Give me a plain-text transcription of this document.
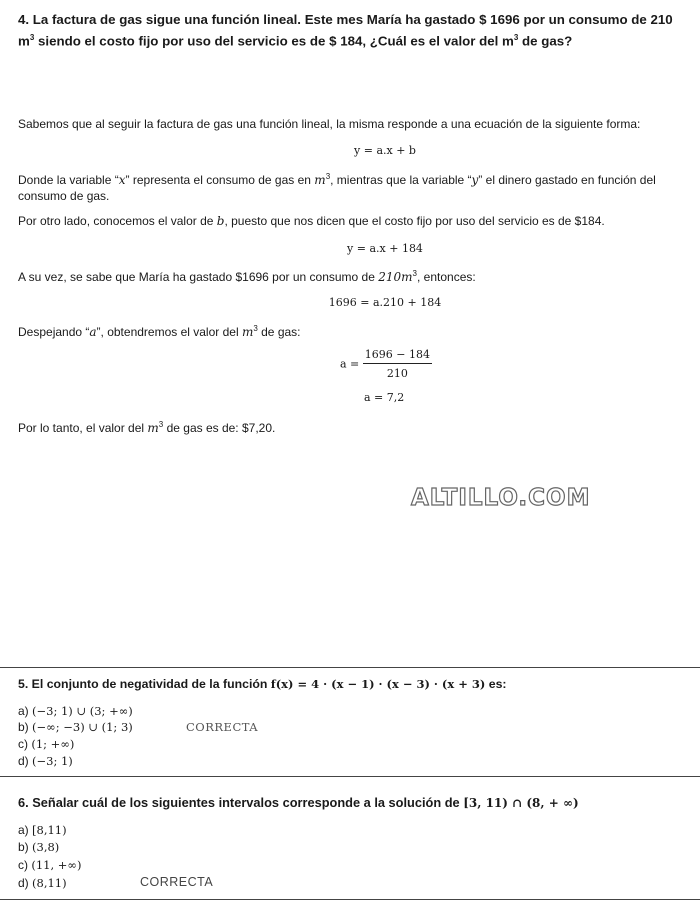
4. La factura de gas sigue una función lineal. Este mes María ha gastado $ 1696 por un consumo de 210 $m^3$ siendo el costo fijo por uso del servicio es de $ 184, ¿Cuál es el valor del $m^3$ de gas?
Sabemos que al seguir la factura de gas una función lineal, la misma responde a una ecuación de la siguiente forma:
y = a.x + b
Donde la variable “x” representa el consumo de gas en $m^3$, mientras que la variable “y” el dinero gastado en función del consumo de gas.
Por otro lado, conocemos el valor de b, puesto que nos dicen que el costo fijo por uso del servicio es de $184.
y = a.x + 184
A su vez, se sabe que María ha gastado $1696 por un consumo de $210m^3$, entonces:
1696 = a.210 + 184
Despejando “a”, obtendremos el valor del $m^3$ de gas:
$a = \frac{1696 - 184}{210}$
a = 7,2
Por lo tanto, el valor del $m^3$ de gas es de: $7,20.
ALTILLO.COM
5. El conjunto de negatividad de la función f(x) = 4 · (x − 1) · (x − 3) · (x + 3) es:
a) (−3; 1) ∪ (3; +∞)
b) (−∞; −3) ∪ (1; 3)	CORRECTA
c) (1; +∞)
d) (−3; 1)
6. Señalar cuál de los siguientes intervalos corresponde a la solución de [3, 11) ∩ (8, + ∞)
a) [8,11)
b) (3,8)
c) (11, +∞)
d) (8,11)	CORRECTA
